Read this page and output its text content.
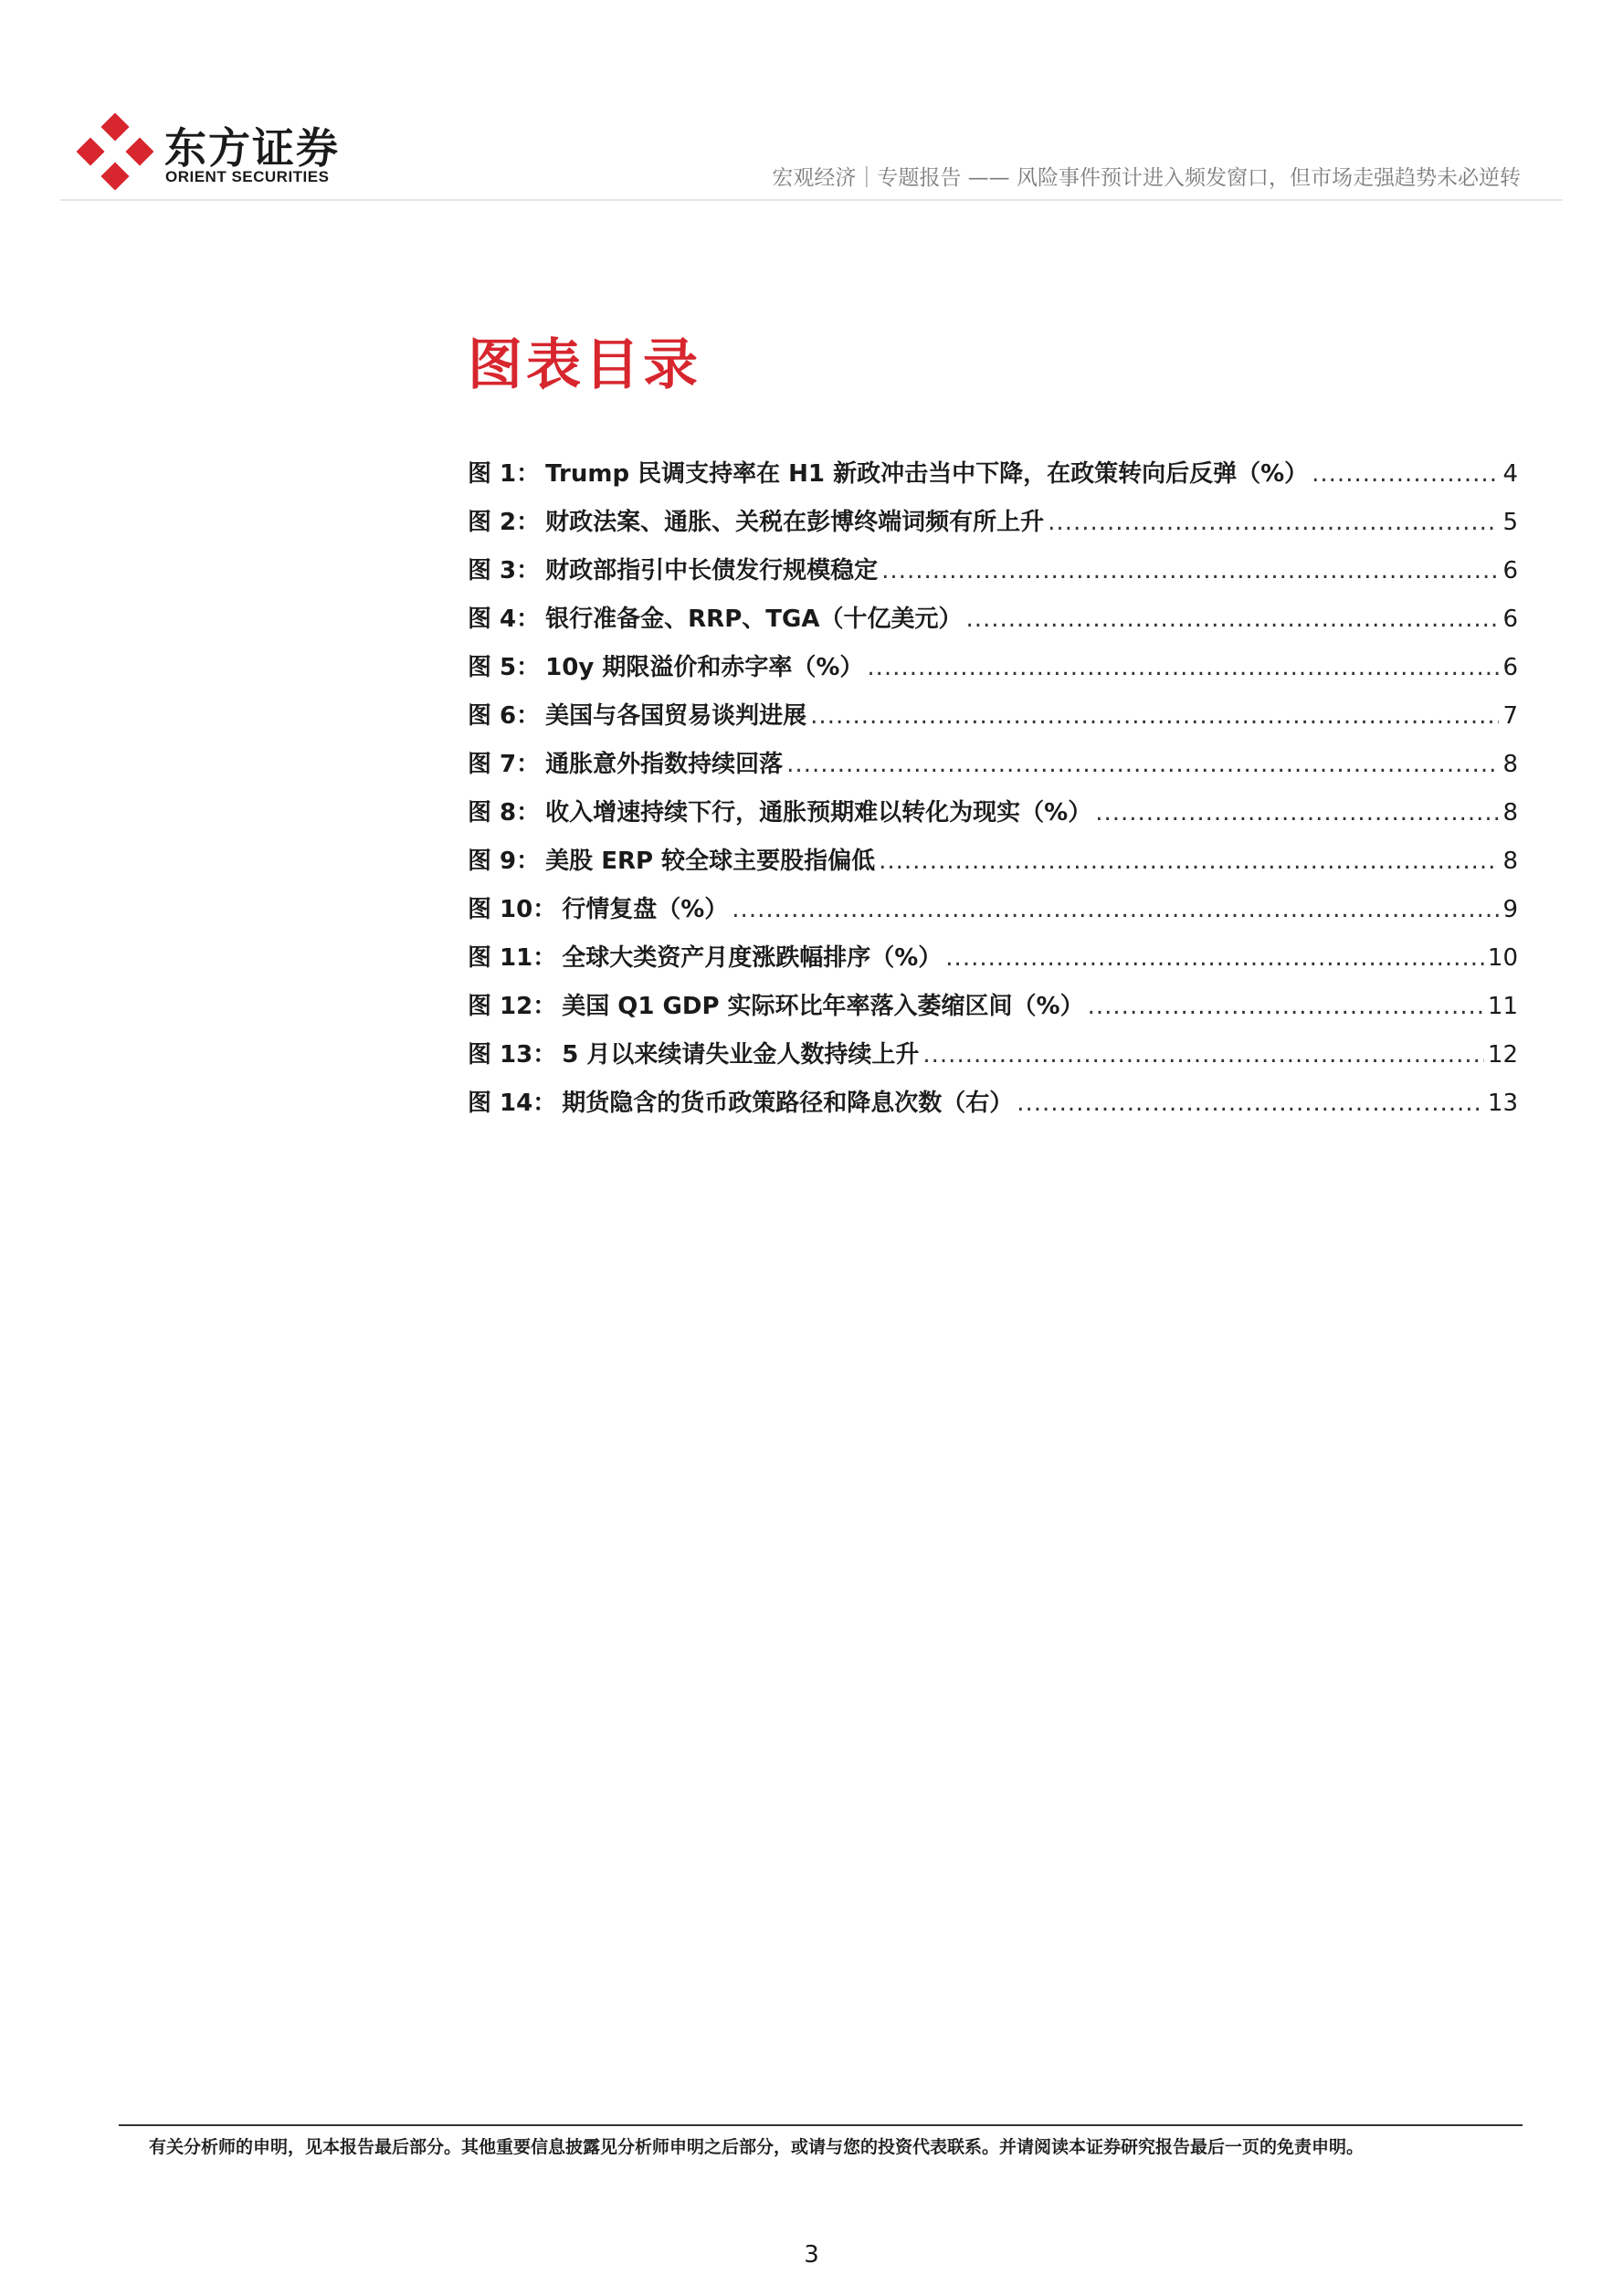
东方证券
ORIENT SECURITIES	宏观经济｜专题报告 —— 风险事件预计进入频发窗口，但市场走强趋势未必逆转
图表目录
图 1： Trump 民调支持率在 H1 新政冲击当中下降，在政策转向后反弹（%） .....	4
图 2： 财政法案、通胀、关税在彭博终端词频有所上升 .....	5
图 3： 财政部指引中长债发行规模稳定 .....	6
图 4： 银行准备金、RRP、TGA（十亿美元） .....	6
图 5： 10y 期限溢价和赤字率（%） .....	6
图 6： 美国与各国贸易谈判进展 .....	7
图 7： 通胀意外指数持续回落 .....	8
图 8： 收入增速持续下行，通胀预期难以转化为现实（%） .....	8
图 9： 美股 ERP 较全球主要股指偏低 .....	8
图 10： 行情复盘（%） .....	9
图 11： 全球大类资产月度涨跌幅排序（%） .....	10
图 12： 美国 Q1 GDP 实际环比年率落入萎缩区间（%） .....	11
图 13： 5 月以来续请失业金人数持续上升 .....	12
图 14： 期货隐含的货币政策路径和降息次数（右） .....	13
有关分析师的申明，见本报告最后部分。其他重要信息披露见分析师申明之后部分，或请与您的投资代表联系。并请阅读本证券研究报告最后一页的免责申明。
3
